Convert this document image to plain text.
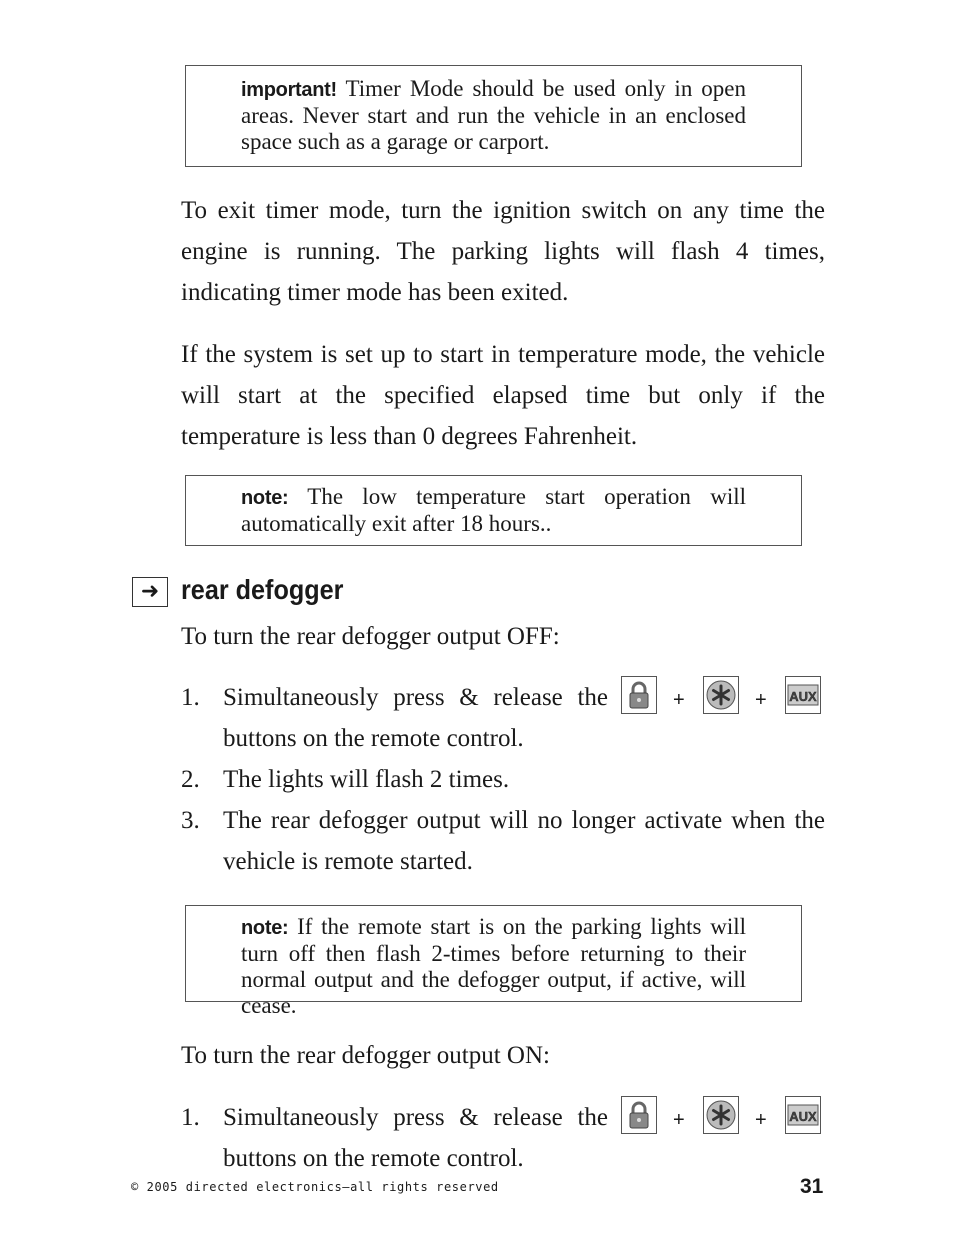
important! Timer Mode should be used only in open areas. Never start and run the vehicle in an enclosed space such as a garage or carport.
To exit timer mode, turn the ignition switch on any time the engine is running. The parking lights will flash 4 times, indicating timer mode has been exited.
If the system is set up to start in temperature mode, the vehicle will start at the specified elapsed time but only if the temperature is less than 0 degrees Fahrenheit.
note: The low temperature start operation will automatically exit after 18 hours..
➜ rear defogger
To turn the rear defogger output OFF:
1. Simultaneously press & release the
buttons on the remote control.
+	+ AUX
2. The lights will flash 2 times.
3. The rear defogger output will no longer activate when the vehicle is remote started.
note: If the remote start is on the parking lights will turn off then flash 2-times before returning to their normal output and the defogger output, if active, will cease.
To turn the rear defogger output ON:
1. Simultaneously press & release the
buttons on the remote control.
+	+ AUX
© 2005 directed electronics—all rights reserved	31
